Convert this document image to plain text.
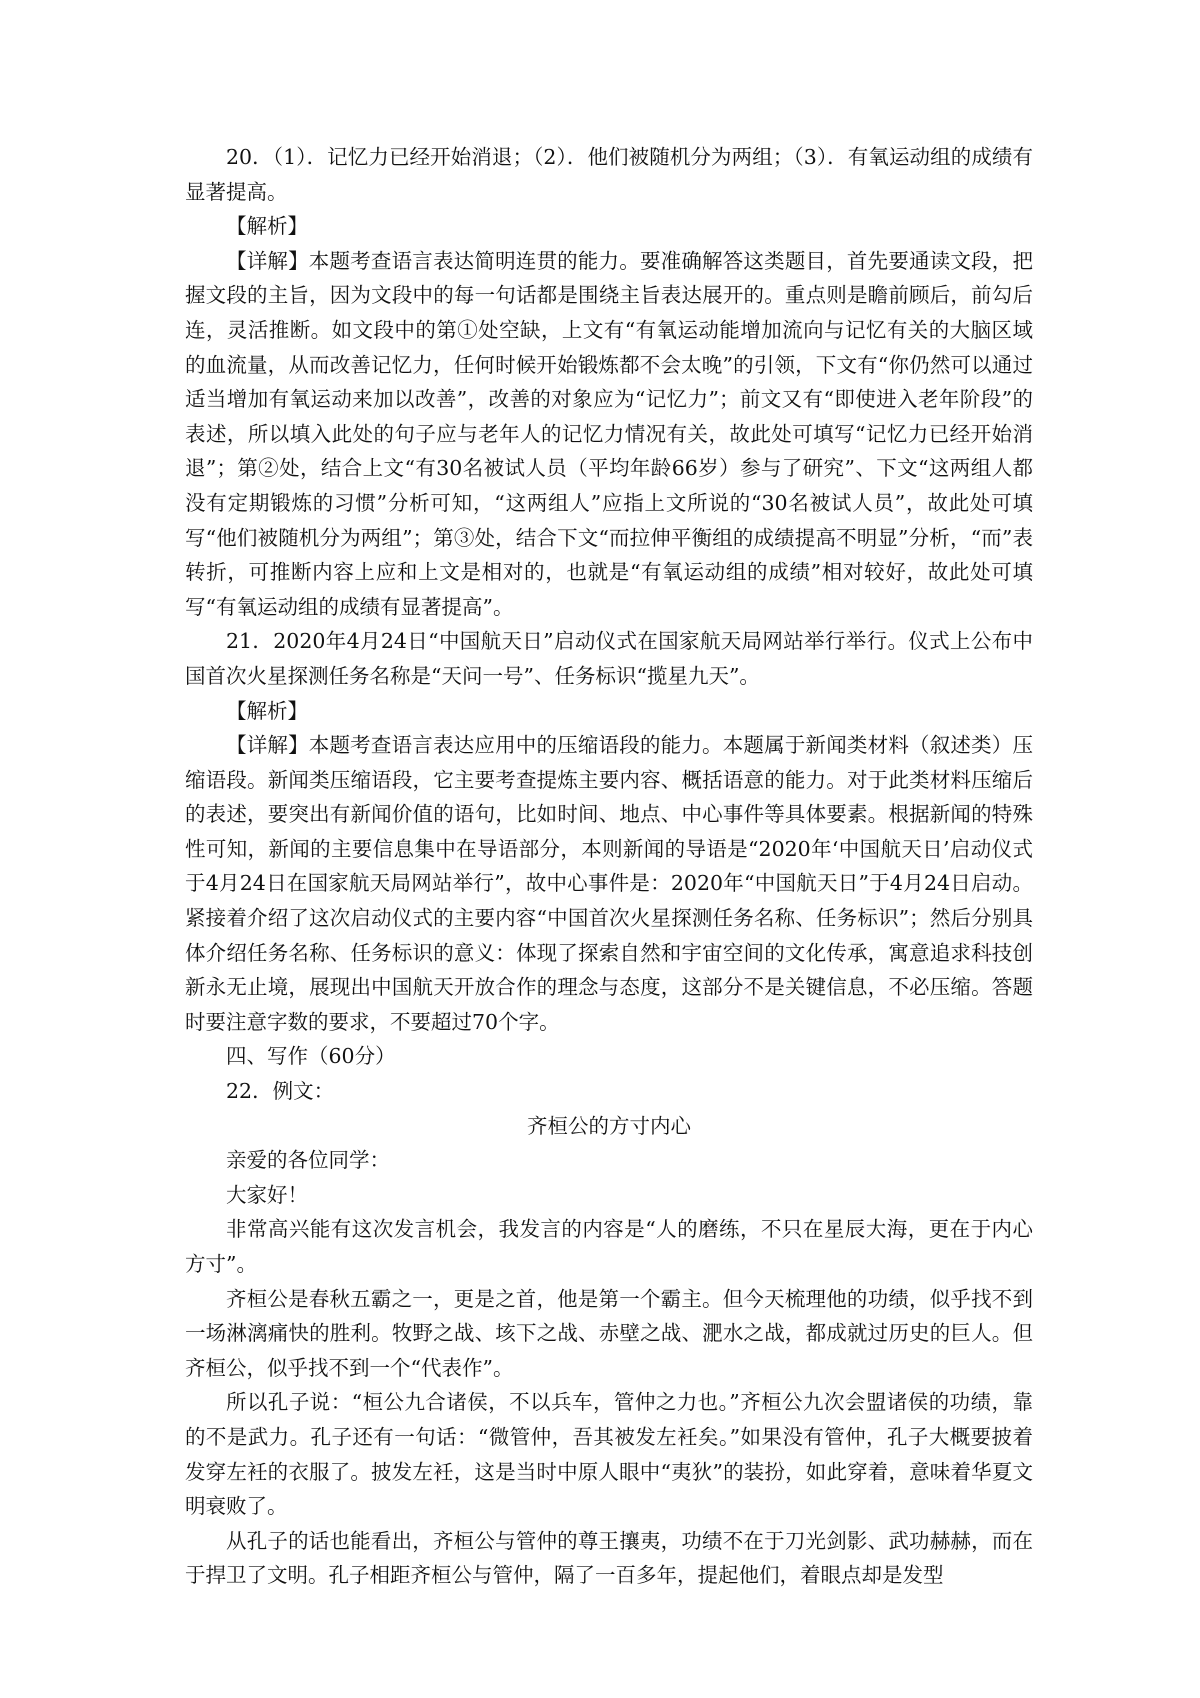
20．（1）．记忆力已经开始消退；（2）．他们被随机分为两组；（3）．有氧运动组的成绩有显著提高。

【解析】

【详解】本题考查语言表达简明连贯的能力。要准确解答这类题目，首先要通读文段，把握文段的主旨，因为文段中的每一句话都是围绕主旨表达展开的。重点则是瞻前顾后，前勾后连，灵活推断。如文段中的第①处空缺，上文有“有氧运动能增加流向与记忆有关的大脑区域的血流量，从而改善记忆力，任何时候开始锻炼都不会太晚”的引领，下文有“你仍然可以通过适当增加有氧运动来加以改善”，改善的对象应为“记忆力”；前文又有“即使进入老年阶段”的表述，所以填入此处的句子应与老年人的记忆力情况有关，故此处可填写“记忆力已经开始消退”；第②处，结合上文“有30名被试人员（平均年龄66岁）参与了研究”、下文“这两组人都没有定期锻炼的习惯”分析可知，“这两组人”应指上文所说的“30名被试人员”，故此处可填写“他们被随机分为两组”；第③处，结合下文“而拉伸平衡组的成绩提高不明显”分析，“而”表转折，可推断内容上应和上文是相对的，也就是“有氧运动组的成绩”相对较好，故此处可填写“有氧运动组的成绩有显著提高”。

21．2020年4月24日“中国航天日”启动仪式在国家航天局网站举行举行。仪式上公布中国首次火星探测任务名称是“天问一号”、任务标识“揽星九天”。

【解析】

【详解】本题考查语言表达应用中的压缩语段的能力。本题属于新闻类材料（叙述类）压缩语段。新闻类压缩语段，它主要考查提炼主要内容、概括语意的能力。对于此类材料压缩后的表述，要突出有新闻价值的语句，比如时间、地点、中心事件等具体要素。根据新闻的特殊性可知，新闻的主要信息集中在导语部分，本则新闻的导语是“2020年‘中国航天日’启动仪式于4月24日在国家航天局网站举行”，故中心事件是：2020年“中国航天日”于4月24日启动。紧接着介绍了这次启动仪式的主要内容“中国首次火星探测任务名称、任务标识”；然后分别具体介绍任务名称、任务标识的意义：体现了探索自然和宇宙空间的文化传承，寓意追求科技创新永无止境，展现出中国航天开放合作的理念与态度，这部分不是关键信息，不必压缩。答题时要注意字数的要求，不要超过70个字。

四、写作（60分）

22．例文：

齐桓公的方寸内心

亲爱的各位同学：

大家好！

非常高兴能有这次发言机会，我发言的内容是“人的磨练，不只在星辰大海，更在于内心方寸”。

齐桓公是春秋五霸之一，更是之首，他是第一个霸主。但今天梳理他的功绩，似乎找不到一场淋漓痛快的胜利。牧野之战、垓下之战、赤壁之战、淝水之战，都成就过历史的巨人。但齐桓公，似乎找不到一个“代表作”。

所以孔子说：“桓公九合诸侯，不以兵车，管仲之力也。”齐桓公九次会盟诸侯的功绩，靠的不是武力。孔子还有一句话：“微管仲，吾其被发左衽矣。”如果没有管仲，孔子大概要披着发穿左衽的衣服了。披发左衽，这是当时中原人眼中“夷狄”的装扮，如此穿着，意味着华夏文明衰败了。

从孔子的话也能看出，齐桓公与管仲的尊王攘夷，功绩不在于刀光剑影、武功赫赫，而在于捍卫了文明。孔子相距齐桓公与管仲，隔了一百多年，提起他们，着眼点却是发型
